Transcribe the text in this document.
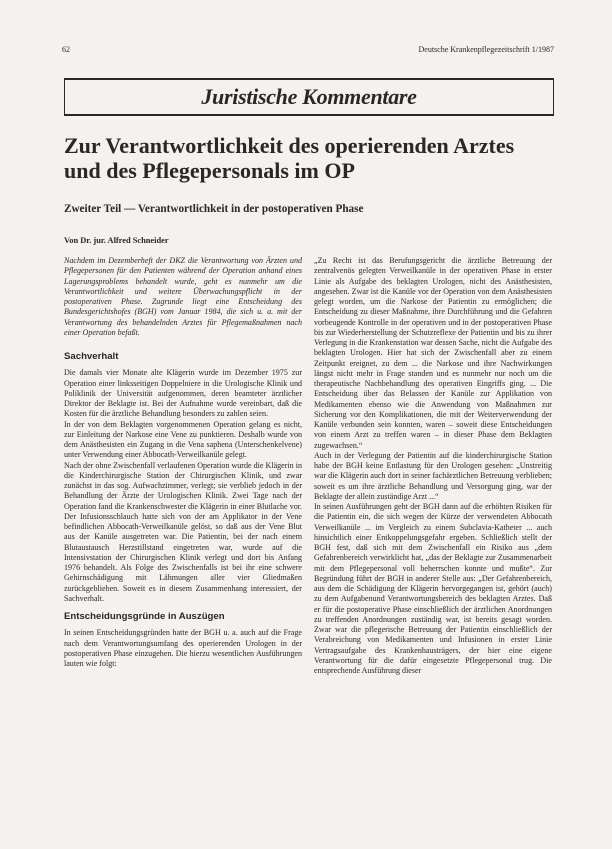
62	Deutsche Krankenpflegezeitschrift 1/1987
Juristische Kommentare
Zur Verantwortlichkeit des operierenden Arztes
und des Pflegepersonals im OP
Zweiter Teil — Verantwortlichkeit in der postoperativen Phase
Von Dr. jur. Alfred Schneider

Nachdem im Dezemberheft der DKZ die Verantwortung von Ärzten und Pflegepersonen für den Patienten während der Operation anhand eines Lagerungsproblems behandelt wurde, geht es nunmehr um die Verantwortlichkeit und weitere Überwachungspflicht in der postoperativen Phase. Zugrunde liegt eine Entscheidung des Bundesgerichtshofes (BGH) vom Januar 1984, die sich u. a. mit der Verantwortung des behandelnden Arztes für Pflegemaßnahmen nach einer Operation befaßt.

Sachverhalt

Die damals vier Monate alte Klägerin wurde im Dezember 1975 zur Operation einer linksseitigen Doppelniere in die Urologische Klinik und Poliklinik der Universität aufgenommen, deren beamteter ärztlicher Direktor der Beklagte ist. Bei der Aufnahme wurde vereinbart, daß die Kosten für die ärztliche Behandlung besonders zu zahlen seien.

In der von dem Beklagten vorgenommenen Operation gelang es nicht, zur Einleitung der Narkose eine Vene zu punktieren. Deshalb wurde von dem Anästhesisten ein Zugang in die Vena saphena (Unterschenkelvene) unter Verwendung einer Abbocath-Verweilkanüle gelegt.

Nach der ohne Zwischenfall verlaufenen Operation wurde die Klägerin in die Kinderchirurgische Station der Chirurgischen Klinik, und zwar zunächst in das sog. Aufwachzimmer, verlegt; sie verblieb jedoch in der Behandlung der Ärzte der Urologischen Klinik. Zwei Tage nach der Operation fand die Krankenschwester die Klägerin in einer Blutlache vor. Der Infusionsschlauch hatte sich von der am Applikator in der Vene befindlichen Abbocath-Verweilkanüle gelöst, so daß aus der Vene Blut aus der Kanüle ausgetreten war. Die Patientin, bei der nach einem Blutaustausch Herzstillstand eingetreten war, wurde auf die Intensivstation der Chirurgischen Klinik verlegt und dort bis Anfang 1976 behandelt. Als Folge des Zwischenfalls ist bei ihr eine schwere Gehirnschädigung mit Lähmungen aller vier Gliedmaßen zurückgeblieben. Soweit es in diesem Zusammenhang interessiert, der Sachverhalt.

Entscheidungsgründe in Auszügen

In seinen Entscheidungsgründen hatte der BGH u. a. auch auf die Frage nach dem Verantwortungsumfang des operierenden Urologen in der postoperativen Phase einzugehen. Die hierzu wesentlichen Ausführungen lauten wie folgt:

„Zu Recht ist das Berufungsgericht die ärztliche Betreuung der zentralvenös gelegten Verweilkanüle in der operativen Phase in erster Linie als Aufgabe des beklagten Urologen, nicht des Anästhesisten, angesehen. Zwar ist die Kanüle vor der Operation von dem Anästhesisten gelegt worden, um die Narkose der Patientin zu ermöglichen; die Entscheidung zu dieser Maßnahme, ihre Durchführung und die Gefahren vorbeugende Kontrolle in der operativen und in der postoperativen Phase bis zur Wiederherstellung der Schutzreflexe der Patientin und bis zu ihrer Verlegung in die Krankenstation war dessen Sache, nicht die Aufgabe des beklagten Urologen. Hier hat sich der Zwischenfall aber zu einem Zeitpunkt ereignet, zu dem ... die Narkose und ihre Nachwirkungen längst nicht mehr in Frage standen und es nunmehr nur noch um die therapeutische Nachbehandlung des operativen Eingriffs ging. ... Die Entscheidung über das Belassen der Kanüle zur Applikation von Medikamenten ebenso wie die Anwendung von Maßnahmen zur Sicherung vor den Komplikationen, die mit der Weiterverwendung der Kanüle verbunden sein konnten, waren – soweit diese Entscheidungen von einem Arzt zu treffen waren – in dieser Phase dem Beklagten zugewachsen.“

Auch in der Verlegung der Patientin auf die kinderchirurgische Station habe der BGH keine Entlastung für den Urologen gesehen: „Unstreitig war die Klägerin auch dort in seiner fachärztlichen Betreuung verblieben; soweit es um ihre ärztliche Behandlung und Versorgung ging, war der Beklagte der allein zuständige Arzt ...“

In seinen Ausführungen geht der BGH dann auf die erhöhten Risiken für die Patientin ein, die sich wegen der Kürze der verwendeten Abbocath Verweilkanüle ... im Vergleich zu einem Subclavia-Katheter ... auch hinsichtlich einer Entkoppelungsgefahr ergeben. Schließlich stellt der BGH fest, daß sich mit dem Zwischenfall ein Risiko aus „dem Gefahrenbereich verwirklicht hat, „das der Beklagte zur Zusammenarbeit mit dem Pflegepersonal voll beherrschen konnte und mußte“. Zur Begründung führt der BGH in anderer Stelle aus: „Der Gefahrenbereich, aus dem die Schädigung der Klägerin hervorgegangen ist, gehört (auch) zu dem Aufgabenund Verantwortungsbereich des beklagten Arztes. Daß er für die postoperative Phase einschließlich der ärztlichen Anordnungen zu treffenden Anordnungen zuständig war, ist bereits gesagt worden. Zwar war die pflegerische Betreuung der Patientin einschließlich der Verabreichung von Medikamenten und Infusionen in erster Linie Vertragsaufgabe des Krankenhausträgers, der hier eine eigene Verantwortung für die dafür eingesetzte Pflegepersonal trug. Die entsprechende Ausführung dieser
